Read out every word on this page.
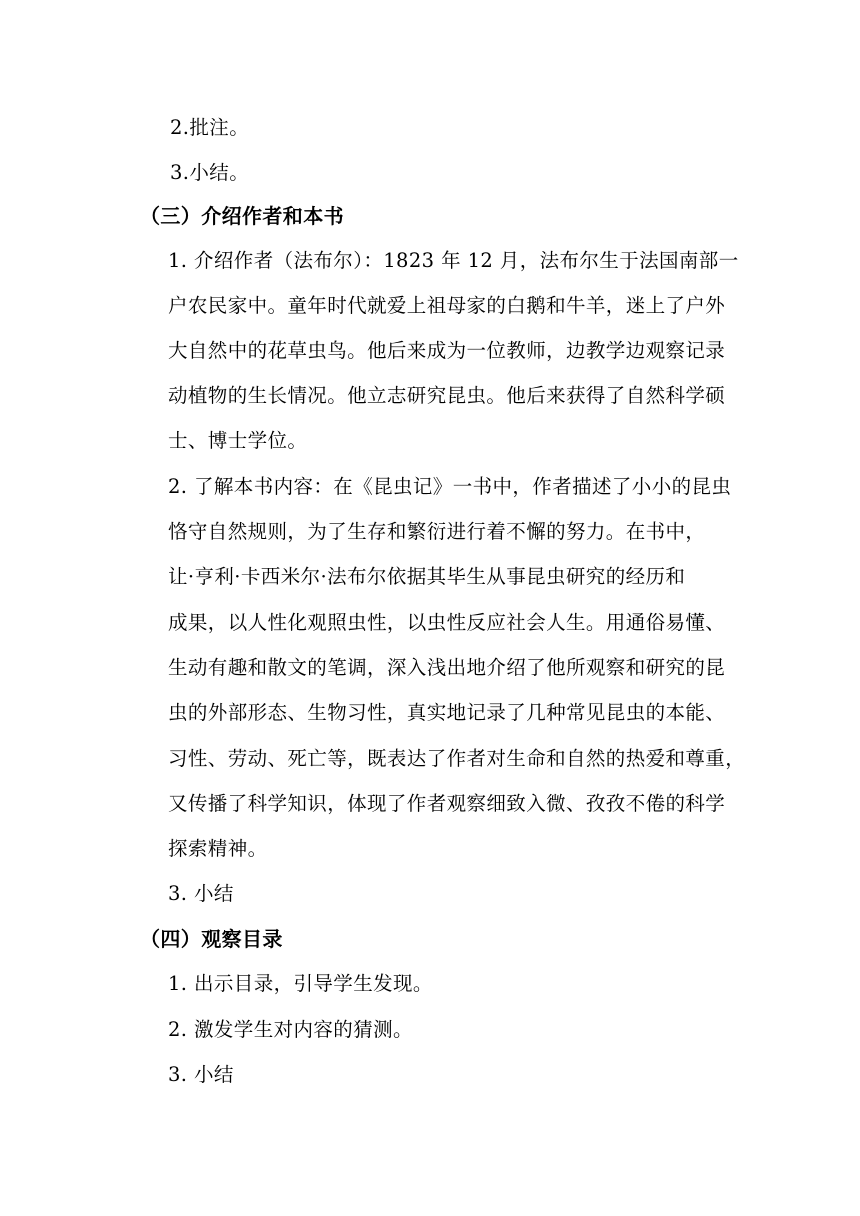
2.批注。
3.小结。
（三）介绍作者和本书
1. 介绍作者（法布尔）：1823 年 12 月，法布尔生于法国南部一
户农民家中。童年时代就爱上祖母家的白鹅和牛羊，迷上了户外
大自然中的花草虫鸟。他后来成为一位教师，边教学边观察记录
动植物的生长情况。他立志研究昆虫。他后来获得了自然科学硕
士、博士学位。
2. 了解本书内容：在《昆虫记》一书中，作者描述了小小的昆虫
恪守自然规则，为了生存和繁衍进行着不懈的努力。在书中，
让·亨利·卡西米尔·法布尔依据其毕生从事昆虫研究的经历和
成果，以人性化观照虫性，以虫性反应社会人生。用通俗易懂、
生动有趣和散文的笔调，深入浅出地介绍了他所观察和研究的昆
虫的外部形态、生物习性，真实地记录了几种常见昆虫的本能、
习性、劳动、死亡等，既表达了作者对生命和自然的热爱和尊重，
又传播了科学知识，体现了作者观察细致入微、孜孜不倦的科学
探索精神。
3. 小结
（四）观察目录
1. 出示目录，引导学生发现。
2. 激发学生对内容的猜测。
3. 小结
